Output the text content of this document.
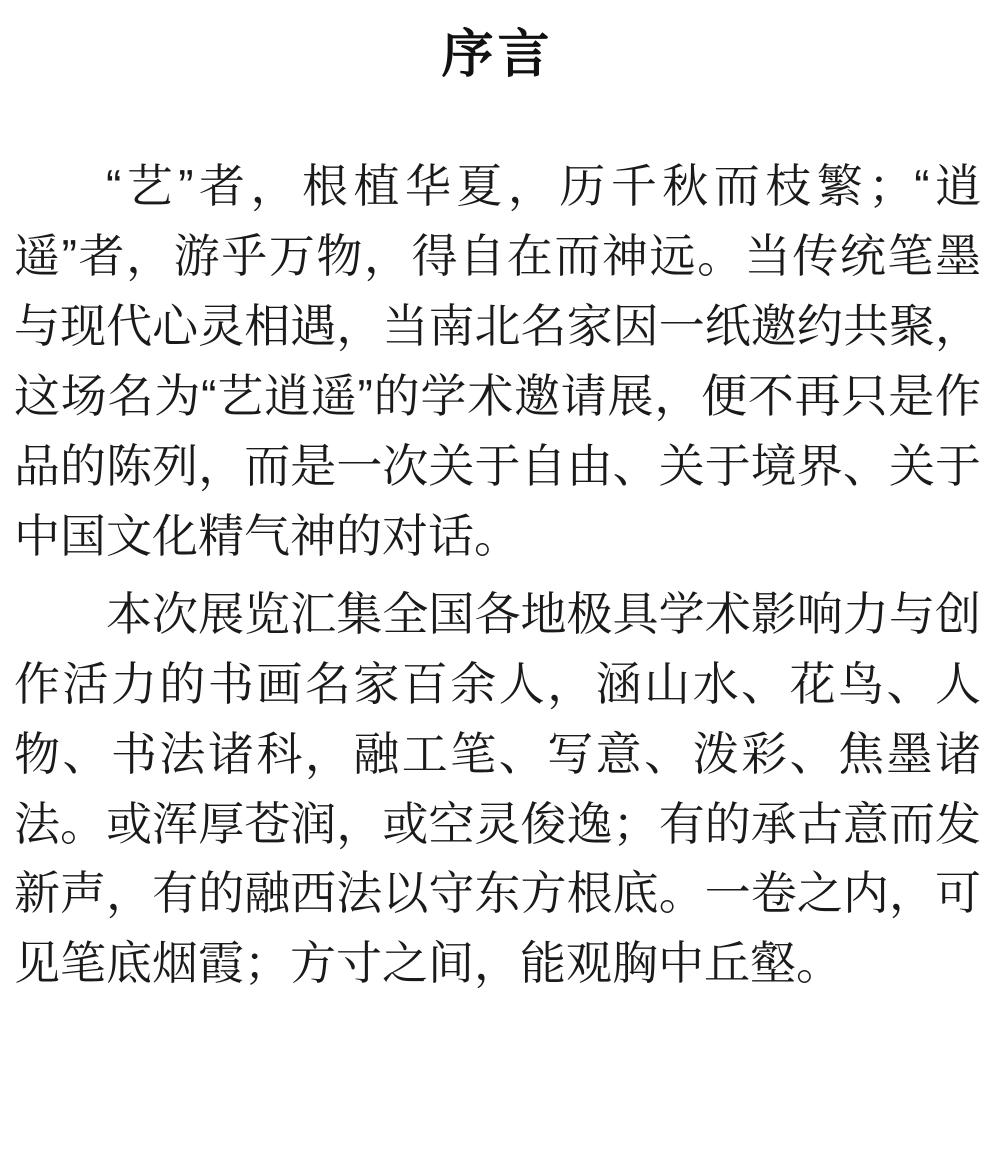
序言

“艺”者，根植华夏，历千秋而枝繁；“逍遥”者，游乎万物，得自在而神远。当传统笔墨与现代心灵相遇，当南北名家因一纸邀约共聚，这场名为“艺逍遥”的学术邀请展，便不再只是作品的陈列，而是一次关于自由、关于境界、关于中国文化精气神的对话。

本次展览汇集全国各地极具学术影响力与创作活力的书画名家百余人，涵山水、花鸟、人物、书法诸科，融工笔、写意、泼彩、焦墨诸法。或浑厚苍润，或空灵俊逸；有的承古意而发新声，有的融西法以守东方根底。一卷之内，可见笔底烟霞；方寸之间，能观胸中丘壑。
